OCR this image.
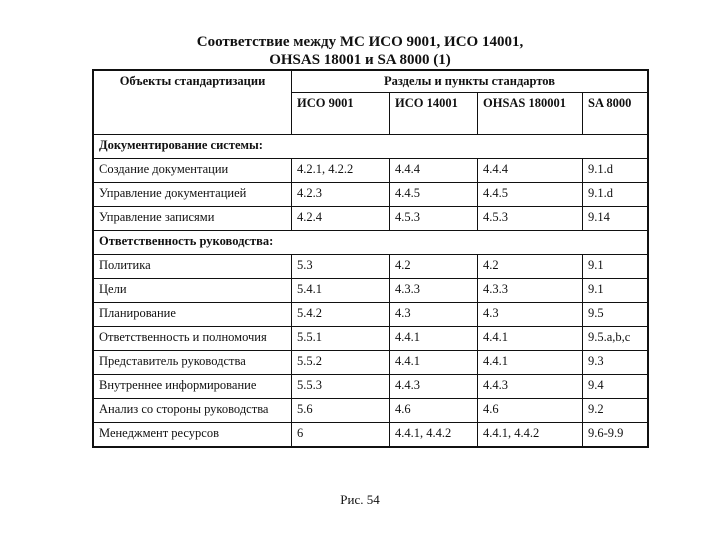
Соответствие между МС ИСО 9001, ИСО 14001,
OHSAS 18001 и SA 8000 (1)
Объекты стандартизации	Разделы и пункты стандартов			
	ИСО 9001	ИСО 14001	OHSAS 180001	SA 8000
Документирование системы:				
Создание документации	4.2.1, 4.2.2	4.4.4	4.4.4	9.1.d
Управление документацией	4.2.3	4.4.5	4.4.5	9.1.d
Управление записями	4.2.4	4.5.3	4.5.3	9.14
Ответственность руководства:				
Политика	5.3	4.2	4.2	9.1
Цели	5.4.1	4.3.3	4.3.3	9.1
Планирование	5.4.2	4.3	4.3	9.5
Ответственность и полномочия	5.5.1	4.4.1	4.4.1	9.5.a,b,c
Представитель руководства	5.5.2	4.4.1	4.4.1	9.3
Внутреннее информирование	5.5.3	4.4.3	4.4.3	9.4
Анализ со стороны руководства	5.6	4.6	4.6	9.2
Менеджмент ресурсов	6	4.4.1, 4.4.2	4.4.1, 4.4.2	9.6-9.9
Рис. 54
